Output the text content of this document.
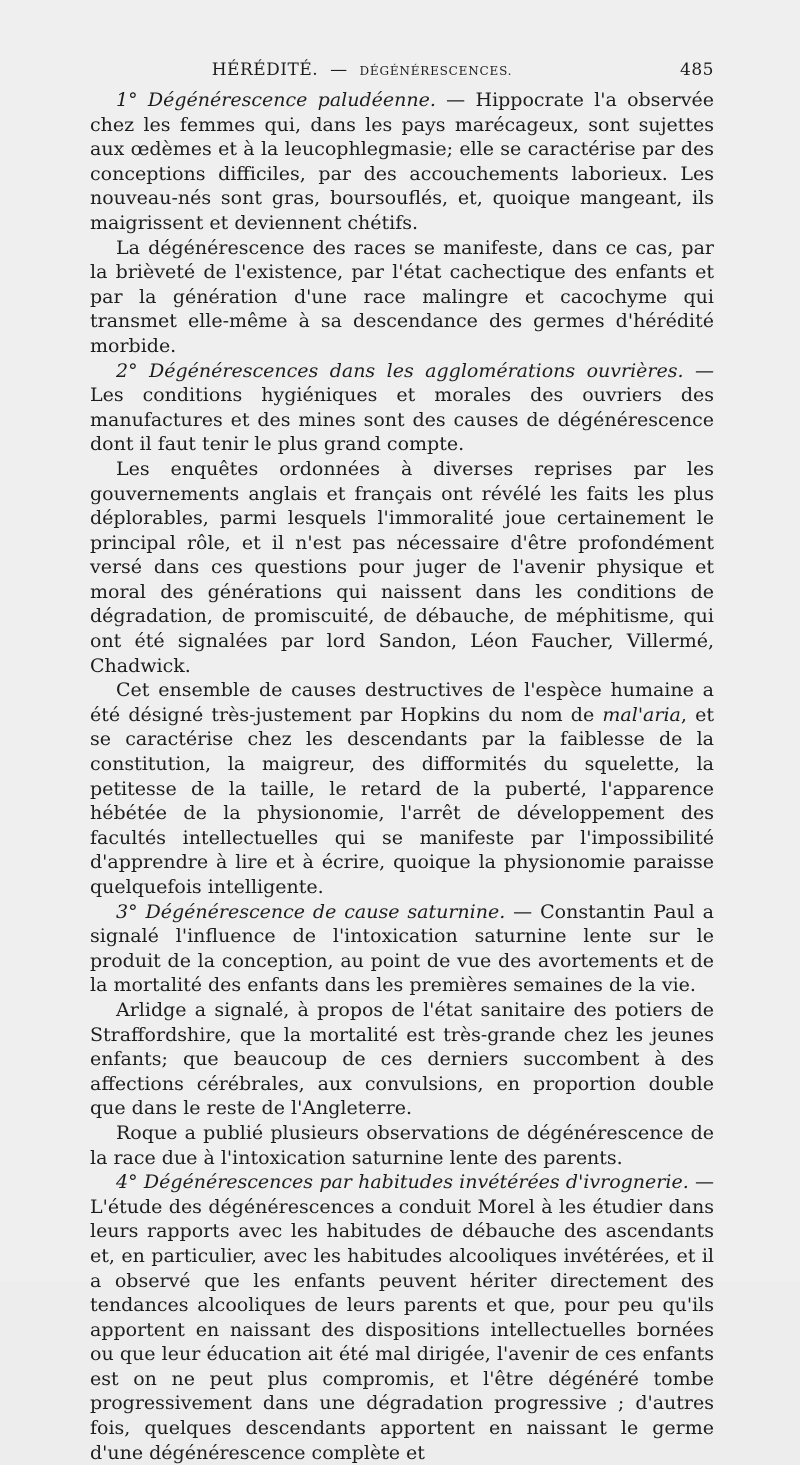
HÉRÉDITÉ. — DÉGÉNÉRESCENCES.	485

1° Dégénérescence paludéenne. — Hippocrate l'a observée chez les femmes qui, dans les pays marécageux, sont sujettes aux œdèmes et à la leucophlegmasie; elle se caractérise par des conceptions difficiles, par des accouchements laborieux. Les nouveau-nés sont gras, boursouflés, et, quoique mangeant, ils maigrissent et deviennent chétifs.

La dégénérescence des races se manifeste, dans ce cas, par la brièveté de l'existence, par l'état cachectique des enfants et par la génération d'une race malingre et cacochyme qui transmet elle-même à sa descendance des germes d'hérédité morbide.

2° Dégénérescences dans les agglomérations ouvrières. — Les conditions hygiéniques et morales des ouvriers des manufactures et des mines sont des causes de dégénérescence dont il faut tenir le plus grand compte.

Les enquêtes ordonnées à diverses reprises par les gouvernements anglais et français ont révélé les faits les plus déplorables, parmi lesquels l'immoralité joue certainement le principal rôle, et il n'est pas nécessaire d'être profondément versé dans ces questions pour juger de l'avenir physique et moral des générations qui naissent dans les conditions de dégradation, de promiscuité, de débauche, de méphitisme, qui ont été signalées par lord Sandon, Léon Faucher, Villermé, Chadwick.

Cet ensemble de causes destructives de l'espèce humaine a été désigné très-justement par Hopkins du nom de mal'aria, et se caractérise chez les descendants par la faiblesse de la constitution, la maigreur, des difformités du squelette, la petitesse de la taille, le retard de la puberté, l'apparence hébétée de la physionomie, l'arrêt de développement des facultés intellectuelles qui se manifeste par l'impossibilité d'apprendre à lire et à écrire, quoique la physionomie paraisse quelquefois intelligente.

3° Dégénérescence de cause saturnine. — Constantin Paul a signalé l'influence de l'intoxication saturnine lente sur le produit de la conception, au point de vue des avortements et de la mortalité des enfants dans les premières semaines de la vie.

Arlidge a signalé, à propos de l'état sanitaire des potiers de Straffordshire, que la mortalité est très-grande chez les jeunes enfants; que beaucoup de ces derniers succombent à des affections cérébrales, aux convulsions, en proportion double que dans le reste de l'Angleterre.

Roque a publié plusieurs observations de dégénérescence de la race due à l'intoxication saturnine lente des parents.

4° Dégénérescences par habitudes invétérées d'ivrognerie. — L'étude des dégénérescences a conduit Morel à les étudier dans leurs rapports avec les habitudes de débauche des ascendants et, en particulier, avec les habitudes alcooliques invétérées, et il a observé que les enfants peuvent hériter directement des tendances alcooliques de leurs parents et que, pour peu qu'ils apportent en naissant des dispositions intellectuelles bornées ou que leur éducation ait été mal dirigée, l'avenir de ces enfants est on ne peut plus compromis, et l'être dégénéré tombe progressivement dans une dégradation progressive ; d'autres fois, quelques descendants apportent en naissant le germe d'une dégénérescence complète et
